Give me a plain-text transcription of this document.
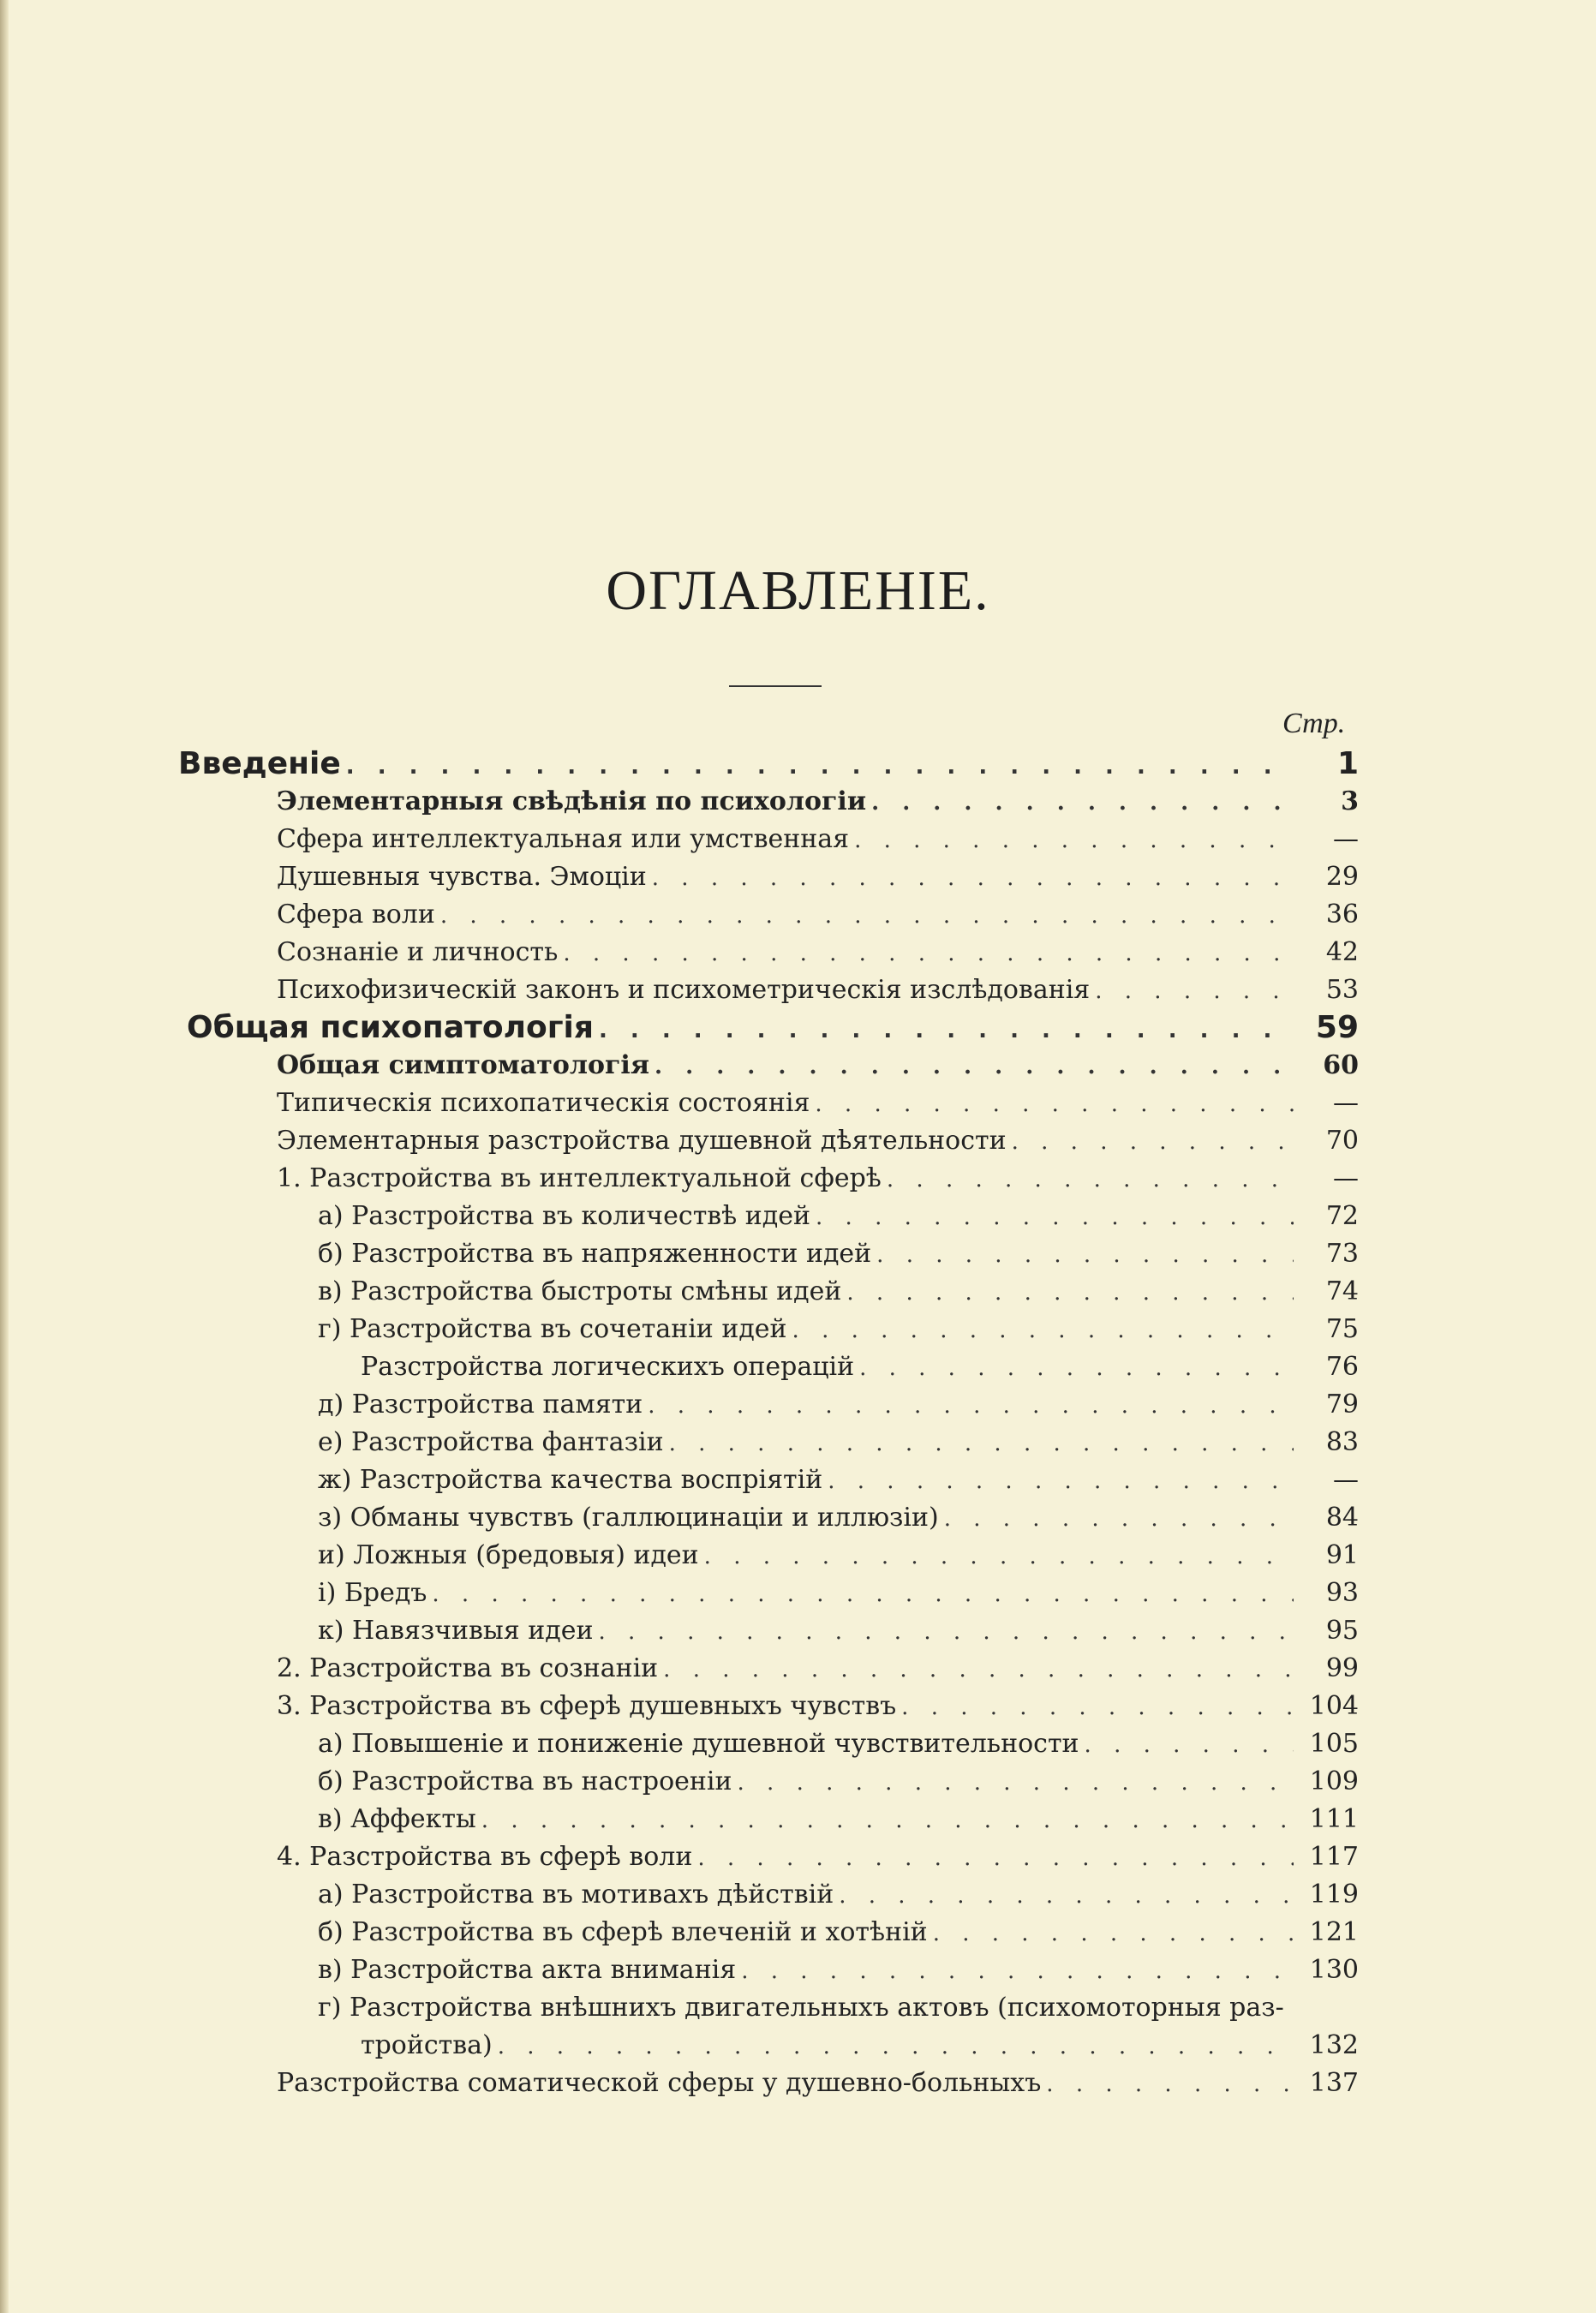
ОГЛАВЛЕНІЕ.
Стр.
Введеніе . . .	1
Элементарныя свѣдѣнія по психологіи . . .	3
Сфера интеллектуальная или умственная . . .	—
Душевныя чувства. Эмоціи . . .	29
Сфера воли . . .	36
Сознаніе и личность . . .	42
Психофизическій законъ и психометрическія изслѣдованія . . .	53
Общая психопатологія . . .	59
Общая симптоматологія . . .	60
Типическія психопатическія состоянія . . .	—
Элементарныя разстройства душевной дѣятельности . . .	70
1. Разстройства въ интеллектуальной сферѣ . . .	—
а) Разстройства въ количествѣ идей . . .	72
б) Разстройства въ напряженности идей . . .	73
в) Разстройства быстроты смѣны идей . . .	74
г) Разстройства въ сочетаніи идей . . .	75
Разстройства логическихъ операцій . . .	76
д) Разстройства памяти . . .	79
е) Разстройства фантазіи . . .	83
ж) Разстройства качества воспріятій . . .	—
з) Обманы чувствъ (галлюцинаціи и иллюзіи) . . .	84
и) Ложныя (бредовыя) идеи . . .	91
і) Бредъ . . .	93
к) Навязчивыя идеи . . .	95
2. Разстройства въ сознаніи . . .	99
3. Разстройства въ сферѣ душевныхъ чувствъ . . .	104
а) Повышеніе и пониженіе душевной чувствительности . . .	105
б) Разстройства въ настроеніи . . .	109
в) Аффекты . . .	111
4. Разстройства въ сферѣ воли . . .	117
а) Разстройства въ мотивахъ дѣйствій . . .	119
б) Разстройства въ сферѣ влеченій и хотѣній . . .	121
в) Разстройства акта вниманія . . .	130
г) Разстройства внѣшнихъ двигательныхъ актовъ (психомоторныя раз-
тройства) . . .	132
Разстройства соматической сферы у душевно-больныхъ . . .	137
